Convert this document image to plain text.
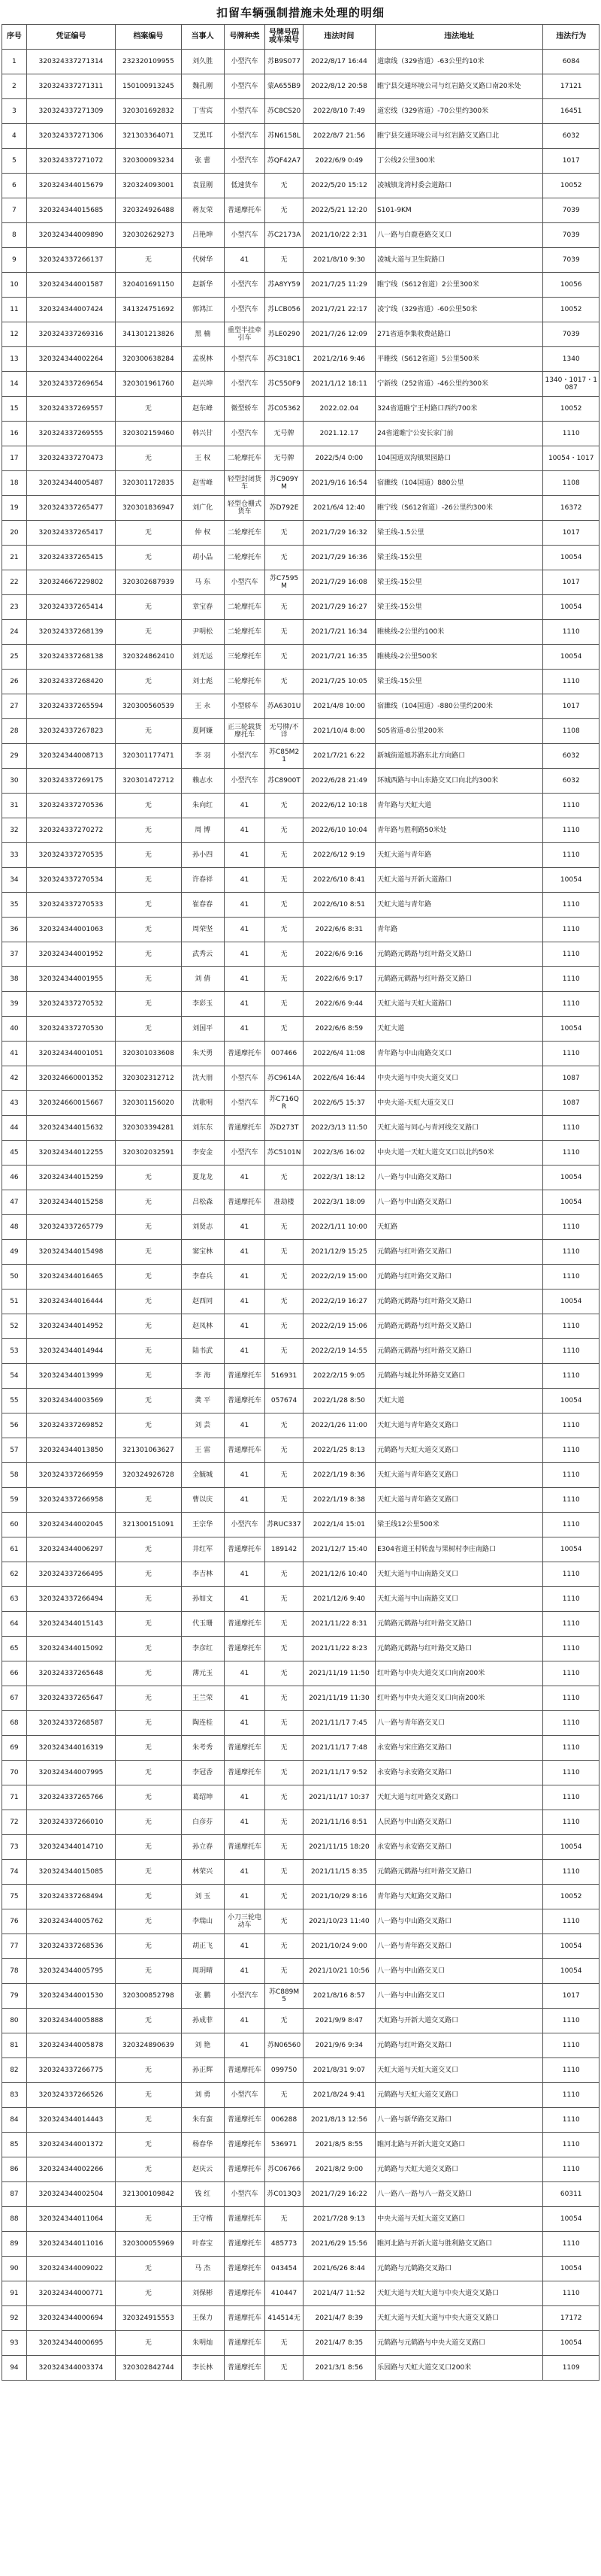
扣留车辆强制措施未处理的明细
序号	凭证编号	档案编号	当事人	号牌种类	号牌号码或车架号	违法时间	违法地址	违法行为
1	320324337271314	232320109955	刘久胜	小型汽车	苏B9S077	2022/8/17 16:44	道康线（329省道）-63公里约10米	6084
2	320324337271311	150100913245	魏孔刚	小型汽车	蒙A655B9	2022/8/12 20:58	睢宁县交通环境公司与红岩路交叉路口南20米处	17121
3	320324337271309	320301692832	丁雪宾	小型汽车	苏C8CS20	2022/8/10 7:49	道宏线（329省道）-70公里约300米	16451
4	320324337271306	321303364071	艾黑耳	小型汽车	苏N6158L	2022/8/7 21:56	睢宁县交通环境公司与红岩路交叉路口北	6032
5	320324337271072	320300093234	张 蕾	小型汽车	苏QF42A7	2022/6/9 0:49	丁公线2公里300米	1017
6	320324344015679	320324093001	袁显刚	低速货车	无	2022/5/20 15:12	凌城镇龙湾村委会道路口	10052
7	320324344015685	320324926488	蒋友荣	普通摩托车	无	2022/5/21 12:20	S101-9KM	7039
8	320324344009890	320302629273	吕艳坤	小型汽车	苏C2173A	2021/10/22 2:31	八一路与白鹿巷路交叉口	7039
9	320324337266137	无	代树华	41	无	2021/8/10 9:30	凌城大道与卫生院路口	7039
10	320324344001587	320401691150	赵新华	小型汽车	苏A8YY59	2021/7/25 11:29	睢宁线（S612省道）2公里300米	10056
11	320324344007424	341324751692	郭鸿江	小型汽车	苏LCB056	2021/7/21 22:17	凌宁线（329省道）-60公里50米	10052
12	320324337269316	341301213826	黑 楠	重型半挂牵引车	苏LE0290	2021/7/26 12:09	271省道李集收费站路口	7039
13	320324344002264	320300638284	孟祝林	小型汽车	苏C318C1	2021/2/16 9:46	平睢线（S612省道）5公里500米	1340
14	320324337269654	320301961760	赵兴坤	小型汽车	苏C550F9	2021/1/12 18:11	宁新线（252省道）-46公里约300米	1340・1017・1087
15	320324337269557	无	赵东峰	微型轿车	苏C05362	2022.02.04	324省道睢宁王村路口西约700米	10052
16	320324337269555	320302159460	韩兴甘	小型汽车	无号牌	2021.12.17	24省道睢宁公安长家门前	1110
17	320324337270473	无	王 权	二轮摩托车	无号牌	2022/5/4 0:00	104国道双沟镇果园路口	10054・1017
18	320324344005487	320301172835	赵雪峰	轻型封闭货车	苏C909YM	2021/9/16 16:54	宿濉线（104国道）880公里	1108
19	320324337265477	320301836947	刘广化	轻型仓栅式货车	苏D792E	2021/6/4 12:40	睢宁线（S612省道）-26公里约300米	16372
20	320324337265417	无	仲 权	二轮摩托车	无	2021/7/29 16:32	梁王线-1.5公里	1017
21	320324337265415	无	胡小品	二轮摩托车	无	2021/7/29 16:36	梁王线-15公里	10054
22	320324667229802	320302687939	马 东	小型汽车	苏C7595M	2021/7/29 16:08	梁王线-15公里	1017
23	320324337265414	无	章宝春	二轮摩托车	无	2021/7/29 16:27	梁王线-15公里	10054
24	320324337268139	无	尹明松	二轮摩托车	无	2021/7/21 16:34	睢桃线-2公里约100米	1110
25	320324337268138	320324862410	刘无运	三轮摩托车	无	2021/7/21 16:35	睢桃线-2公里500米	10054
26	320324337268420	无	刘士彪	二轮摩托车	无	2021/7/25 10:05	梁王线-15公里	1110
27	320324337265594	320300560539	王 永	小型轿车	苏A6301U	2021/4/8 10:00	宿濉线（104国道）-880公里约200米	1017
28	320324337267823	无	夏阿嫌	正三轮载货摩托车	无号牌/不详	2021/10/4 8:00	S05省道-8公里200米	1108
29	320324344008713	320301177471	李 羽	小型汽车	苏C85M21	2021/7/21 6:22	新城街道旭苏路东北方向路口	6032
30	320324337269175	320301472712	赖志水	小型汽车	苏C8900T	2022/6/28 21:49	环城西路与中山东路交叉口向北约300米	6032
31	320324337270536	无	朱向红	41	无	2022/6/12 10:18	青年路与天虹大道	1110
32	320324337270272	无	周 博	41	无	2022/6/10 10:04	青年路与胜利路50米处	1110
33	320324337270535	无	孙小四	41	无	2022/6/12 9:19	天虹大道与青年路	1110
34	320324337270534	无	许春祥	41	无	2022/6/10 8:41	天虹大道与开新大道路口	10054
35	320324337270533	无	崔春春	41	无	2022/6/10 8:51	天虹大道与青年路	1110
36	320324344001063	无	周荣坚	41	无	2022/6/6 8:31	青年路	1110
37	320324344001952	无	武秀云	41	无	2022/6/6 9:16	元鹤路元鹤路与红叶路交叉路口	1110
38	320324344001955	无	刘 倩	41	无	2022/6/6 9:17	元鹤路元鹤路与红叶路交叉路口	1110
39	320324337270532	无	李彩玉	41	无	2022/6/6 9:44	天虹大道与天虹大道路口	1110
40	320324337270530	无	刘国平	41	无	2022/6/6 8:59	天虹大道	10054
41	320324344001051	320301033608	朱天勇	普通摩托车	007466	2022/6/4 11:08	青年路与中山南路交叉口	1110
42	320324660001352	320302312712	沈大朋	小型汽车	苏C9614A	2022/6/4 16:44	中央大道与中央大道交叉口	1087
43	320324660015667	320301156020	沈歌明	小型汽车	苏C716QR	2022/6/5 15:37	中央大道-天虹大道交叉口	1087
44	320324344015632	320303394281	刘东东	普通摩托车	苏D273T	2022/3/13 11:50	天虹大道与同心与青河线交叉路口	1110
45	320324344012255	320302032591	李安金	小型汽车	苏C5101N	2022/3/6 16:02	中央大道一天虹大道交叉口以北约50米	1110
46	320324344015259	无	夏龙龙	41	无	2022/3/1 18:12	八一路与中山路交叉路口	10054
47	320324344015258	无	吕松森	普通摩托车	准劫楼	2022/3/1 18:09	八一路与中山路交叉路口	10054
48	320324337265779	无	刘贤志	41	无	2022/1/11 10:00	天虹路	1110
49	320324344015498	无	窦宝林	41	无	2021/12/9 15:25	元鹤路与红叶路交叉路口	1110
50	320324344016465	无	李春兵	41	无	2022/2/19 15:00	元鹤路与红叶路交叉路口	1110
51	320324344016444	无	赵西同	41	无	2022/2/19 16:27	元鹤路元鹤路与红叶路交叉路口	10054
52	320324344014952	无	赵凤林	41	无	2022/2/19 15:06	元鹤路元鹤路与红叶路交叉路口	1110
53	320324344014944	无	陆书武	41	无	2022/2/19 14:55	元鹤路元鹤路与红叶路交叉路口	1110
54	320324344013999	无	李 海	普通摩托车	516931	2022/2/15 9:05	元鹤路与城北外环路交叉路口	1110
55	320324344003569	无	龚 平	普通摩托车	057674	2022/1/28 8:50	天虹大道	10054
56	320324337269852	无	刘 芸	41	无	2022/1/26 11:00	天虹大道与青年路交叉路口	1110
57	320324344013850	321301063627	王 雷	普通摩托车	无	2022/1/25 8:13	元鹤路与天虹大道交叉路口	1110
58	320324337266959	320324926728	全毓城	41	无	2022/1/19 8:36	天虹大道与青年路交叉路口	1110
59	320324337266958	无	曹以庆	41	无	2022/1/19 8:38	天虹大道与青年路交叉路口	1110
60	320324344002045	321300151091	王宗华	小型汽车	苏RUC337	2022/1/4 15:01	梁王线12公里500米	1110
61	320324344006297	无	井红军	普通摩托车	189142	2021/12/7 15:40	E304省道王村转盘与果树村李庄南路口	10054
62	320324337266495	无	李吉林	41	无	2021/12/6 10:40	天虹大道与中山南路交叉口	1110
63	320324337266494	无	孙如文	41	无	2021/12/6 9:40	天虹大道与中山南路交叉口	1110
64	320324344015143	无	代玉珊	普通摩托车	无	2021/11/22 8:31	元鹤路元鹤路与红叶路交叉路口	1110
65	320324344015092	无	李彦红	普通摩托车	无	2021/11/22 8:23	元鹤路元鹤路与红叶路交叉路口	1110
66	320324337265648	无	薄元玉	41	无	2021/11/19 11:50	红叶路与中央大道交叉口向南200米	1110
67	320324337265647	无	王兰荣	41	无	2021/11/19 11:30	红叶路与中央大道交叉口向南200米	1110
68	320324337268587	无	陶连桂	41	无	2021/11/17 7:45	八一路与青年路交叉口	1110
69	320324344016319	无	朱考秀	普通摩托车	无	2021/11/17 7:48	永安路与宋庄路交叉路口	1110
70	320324344007995	无	李冠香	普通摩托车	无	2021/11/17 9:52	永安路与永安路交叉路口	1110
71	320324337265766	无	葛绍坤	41	无	2021/11/17 10:37	天虹大道与红叶路交叉路口	1110
72	320324337266010	无	白彦芬	41	无	2021/11/16 8:51	人民路与中山路交叉路口	1110
73	320324344014710	无	孙立春	普通摩托车	无	2021/11/15 18:20	永安路与永安路交叉路口	10054
74	320324344015085	无	林荣兴	41	无	2021/11/15 8:35	元鹤路元鹤路与红叶路交叉路口	1110
75	320324337268494	无	刘 玉	41	无	2021/10/29 8:16	青年路与天虹路交叉路口	10052
76	320324344005762	无	李瑞山	小刀三轮电动车	无	2021/10/23 11:40	八一路与中山路交叉路口	1110
77	320324337268536	无	胡正飞	41	无	2021/10/24 9:00	八一路与青年路交叉路口	10054
78	320324344005795	无	周玥晴	41	无	2021/10/21 10:56	八一路与中山路交叉口	10054
79	320324344001530	320300852798	张 鹏	小型汽车	苏C889M5	2021/8/16 8:57	八一路与中山路交叉口	1017
80	320324344005888	无	孙成菲	41	无	2021/9/9 8:47	天虹路与开新大道交叉路口	1110
81	320324344005878	320324890639	刘 艳	41	苏N06560	2021/9/6 9:34	元鹤路与红叶路交叉路口	1110
82	320324337266775	无	孙正辉	普通摩托车	099750	2021/8/31 9:07	天虹大道与天虹大道交叉口	1110
83	320324337266526	无	刘 勇	小型汽车	无	2021/8/24 9:41	元鹤路与天虹大道交叉路口	1110
84	320324344014443	无	朱有蛮	普通摩托车	006288	2021/8/13 12:56	八一路与新华路交叉路口	1110
85	320324344001372	无	杨春华	普通摩托车	536971	2021/8/5 8:55	睢河北路与开新大道交叉路口	1110
86	320324344002266	无	赵庆云	普通摩托车	苏C06766	2021/8/2 9:00	元鹤路与天虹大道交叉路口	1110
87	320324344002504	321300109842	钱 红	小型汽车	苏C013Q3	2021/7/29 16:22	八一路八一路与八一路交叉路口	60311
88	320324344011064	无	王守楷	普通摩托车	无	2021/7/28 9:13	中央大道与天虹大道交叉路口	10054
89	320324344011016	320300055969	叶春宝	普通摩托车	485773	2021/6/29 15:56	睢河北路与开新大道与胜利路交叉路口	1110
90	320324344009022	无	马 杰	普通摩托车	043454	2021/6/26 8:44	元鹤路与元鹤路交叉路口	10054
91	320324344000771	无	刘保彬	普通摩托车	410447	2021/4/7 11:52	天虹大道与天虹大道与中央大道交叉路口	1110
92	320324344000694	320324915553	王保力	普通摩托车	414514无	2021/4/7 8:39	天虹大道与天虹大道与中央大道交叉路口	17172
93	320324344000695	无	朱明灿	普通摩托车	无	2021/4/7 8:35	元鹤路与元鹤路与中央大道交叉路口	10054
94	320324344003374	320302842744	李长林	普通摩托车	无	2021/3/1 8:56	乐园路与天虹大道交叉口200米	1109
